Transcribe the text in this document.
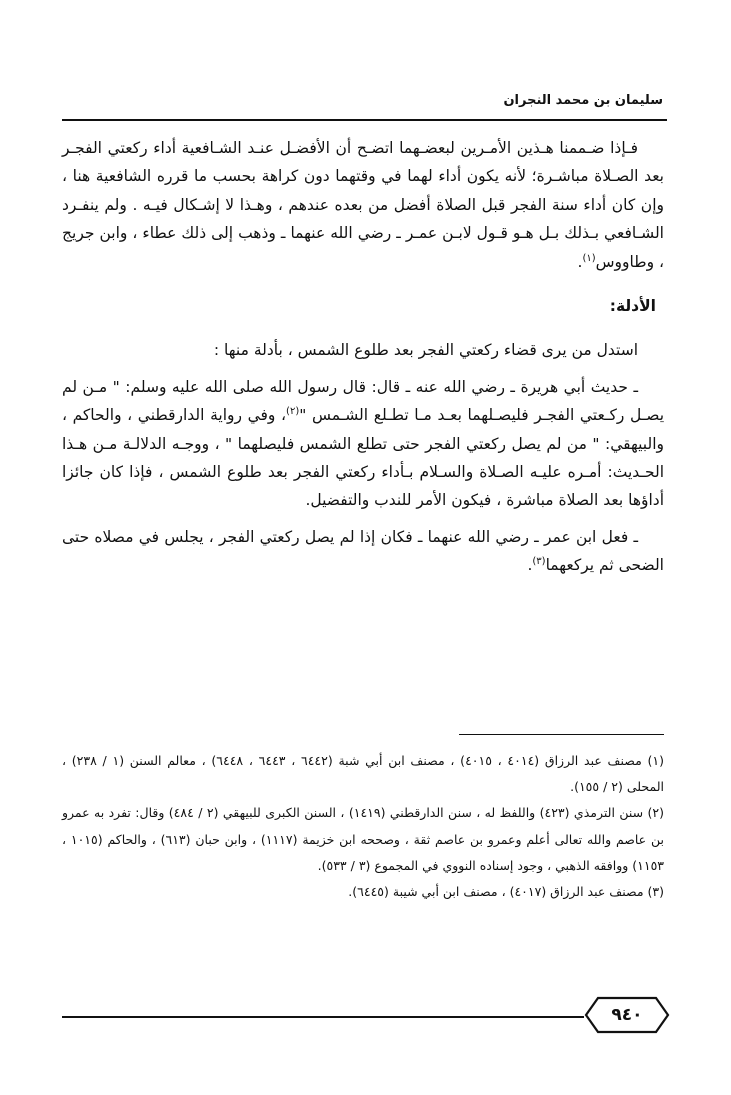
سليمان بن محمد النجران

فـإذا ضـممنا هـذين الأمـرين لبعضـهما اتضـح أن الأفضـل عنـد الشـافعية أداء ركعتي الفجـر بعد الصـلاة مباشـرة؛ لأنه يكون أداء لهما في وقتهما دون كراهة بحسب ما قرره الشافعية هنا ، وإن كان أداء سنة الفجر قبل الصلاة أفضل من بعده عندهم ، وهـذا لا إشـكال فيـه . ولم ينفـرد الشـافعي بـذلك بـل هـو قـول لابـن عمـر ـ رضي الله عنهما ـ وذهب إلى ذلك عطاء ، وابن جريج ، وطاووس$^{(١)}$.

الأدلة:

استدل من يرى قضاء ركعتي الفجر بعد طلوع الشمس ، بأدلة منها :

ـ حديث أبي هريرة ـ رضي الله عنه ـ قال: قال رسول الله صلى الله عليه وسلم: " مـن لم يصـل ركـعتي الفجـر فليصـلهما بعـد مـا تطـلع الشـمس "$^{(٢)}$، وفي رواية الدارقطني ، والحاكم ، والبيهقي: " من لم يصل ركعتي الفجر حتى تطلع الشمس فليصلهما " ، ووجـه الدلالـة مـن هـذا الحـديث: أمـره عليـه الصـلاة والسـلام بـأداء ركعتي الفجر بعد طلوع الشمس ، فإذا كان جائزا أداؤها بعد الصلاة مباشرة ، فيكون الأمر للندب والتفضيل.

ـ فعل ابن عمر ـ رضي الله عنهما ـ فكان إذا لم يصل ركعتي الفجر ، يجلس في مصلاه حتى الضحى ثم يركعهما$^{(٣)}$.

(١) مصنف عبد الرزاق (٤٠١٤ ، ٤٠١٥) ، مصنف ابن أبي شبة (٦٤٤٢ ، ٦٤٤٣ ، ٦٤٤٨) ، معالم السنن (١ / ٢٣٨) ، المحلى (٢ / ١٥٥).

(٢) سنن الترمذي (٤٢٣) واللفظ له ، سنن الدارقطني (١٤١٩) ، السنن الكبرى للبيهقي (٢ / ٤٨٤) وقال: تفرد به عمرو بن عاصم والله تعالى أعلم وعمرو بن عاصم ثقة ، وصححه ابن خزيمة (١١١٧) ، وابن حبان (٦١٣) ، والحاكم (١٠١٥ ، ١١٥٣) ووافقه الذهبي ، وجود إسناده النووي في المجموع (٣ / ٥٣٣).

(٣) مصنف عبد الرزاق (٤٠١٧) ، مصنف ابن أبي شيبة (٦٤٤٥).

٩٤٠
